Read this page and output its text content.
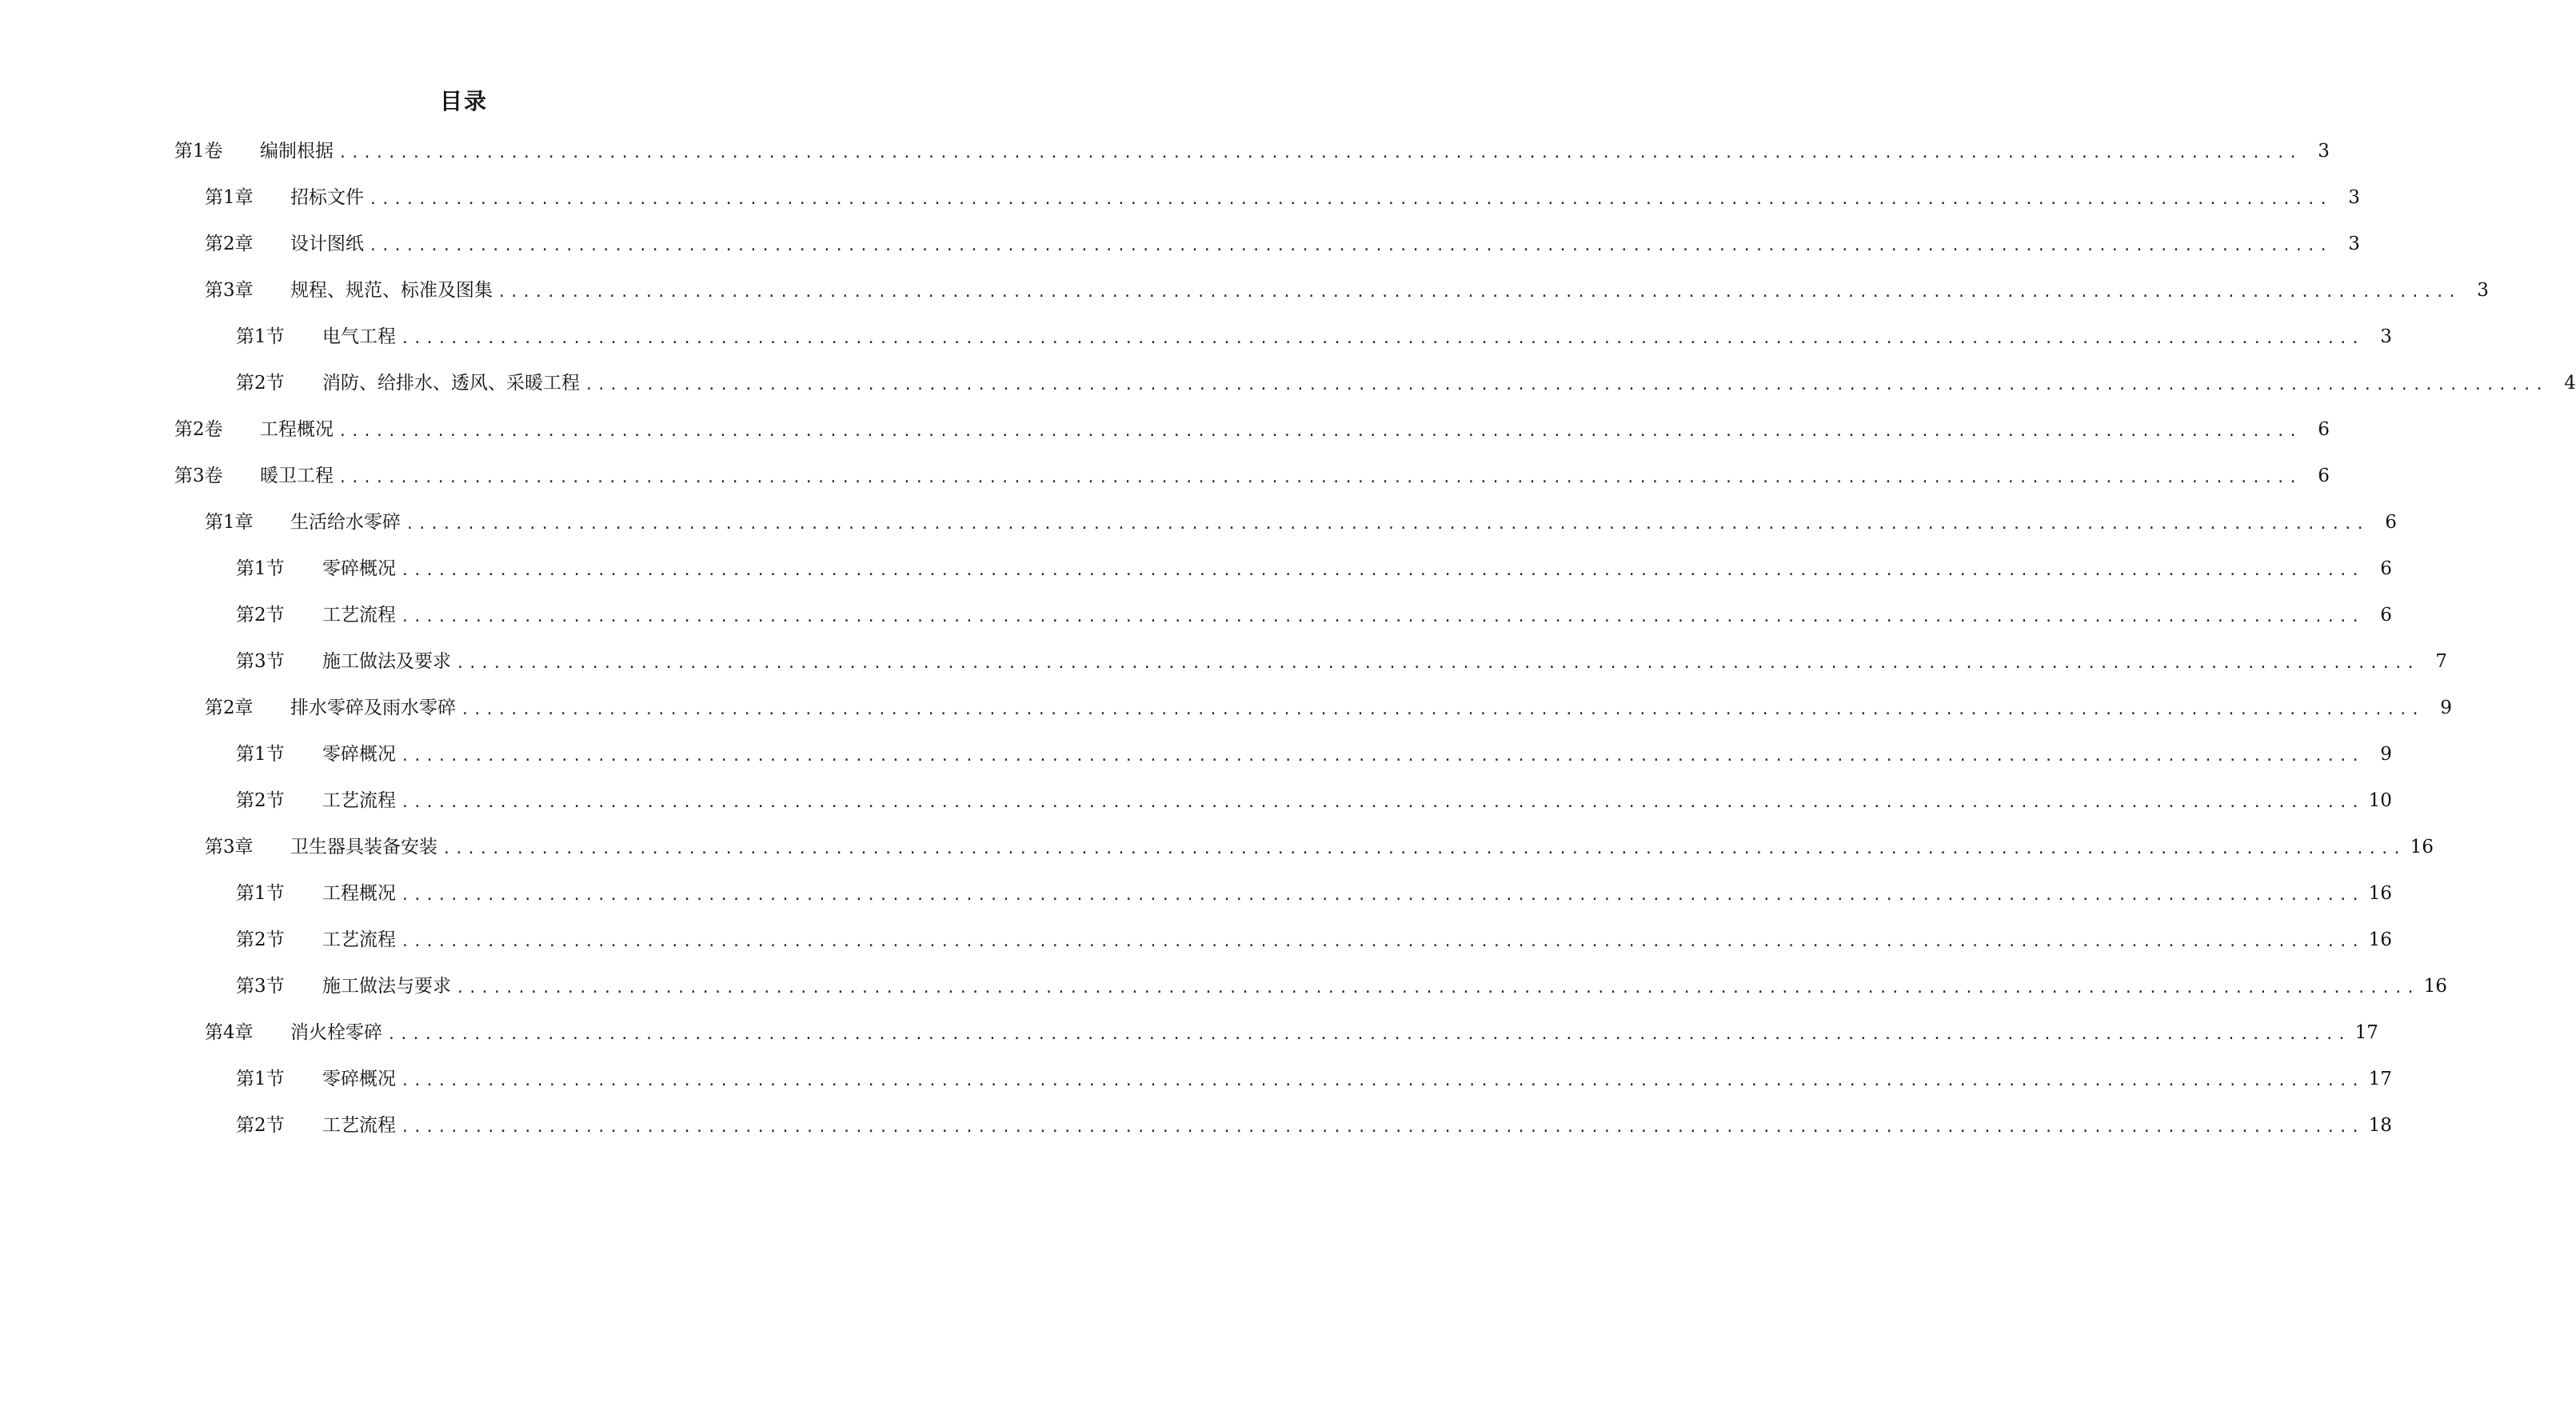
目录
第1卷	编制根据 ................................................................................................................................................................ 3
第1章	招标文件 ................................................................................................................................................................ 3
第2章	设计图纸 ................................................................................................................................................................ 3
第3章	规程、规范、标准及图集 ................................................................................................................................................................ 3
第1节	电气工程 ................................................................................................................................................................ 3
第2节	消防、给排水、透风、采暖工程 ................................................................................................................................................................ 4
第2卷	工程概况 ................................................................................................................................................................ 6
第3卷	暖卫工程 ................................................................................................................................................................ 6
第1章	生活给水零碎 ................................................................................................................................................................ 6
第1节	零碎概况 ................................................................................................................................................................ 6
第2节	工艺流程 ................................................................................................................................................................ 6
第3节	施工做法及要求 ................................................................................................................................................................ 7
第2章	排水零碎及雨水零碎 ................................................................................................................................................................ 9
第1节	零碎概况 ................................................................................................................................................................ 9
第2节	工艺流程 ................................................................................................................................................................ 10
第3章	卫生器具装备安装 ................................................................................................................................................................ 16
第1节	工程概况 ................................................................................................................................................................ 16
第2节	工艺流程 ................................................................................................................................................................ 16
第3节	施工做法与要求 ................................................................................................................................................................ 16
第4章	消火栓零碎 ................................................................................................................................................................ 17
第1节	零碎概况 ................................................................................................................................................................ 17
第2节	工艺流程 ................................................................................................................................................................ 18
